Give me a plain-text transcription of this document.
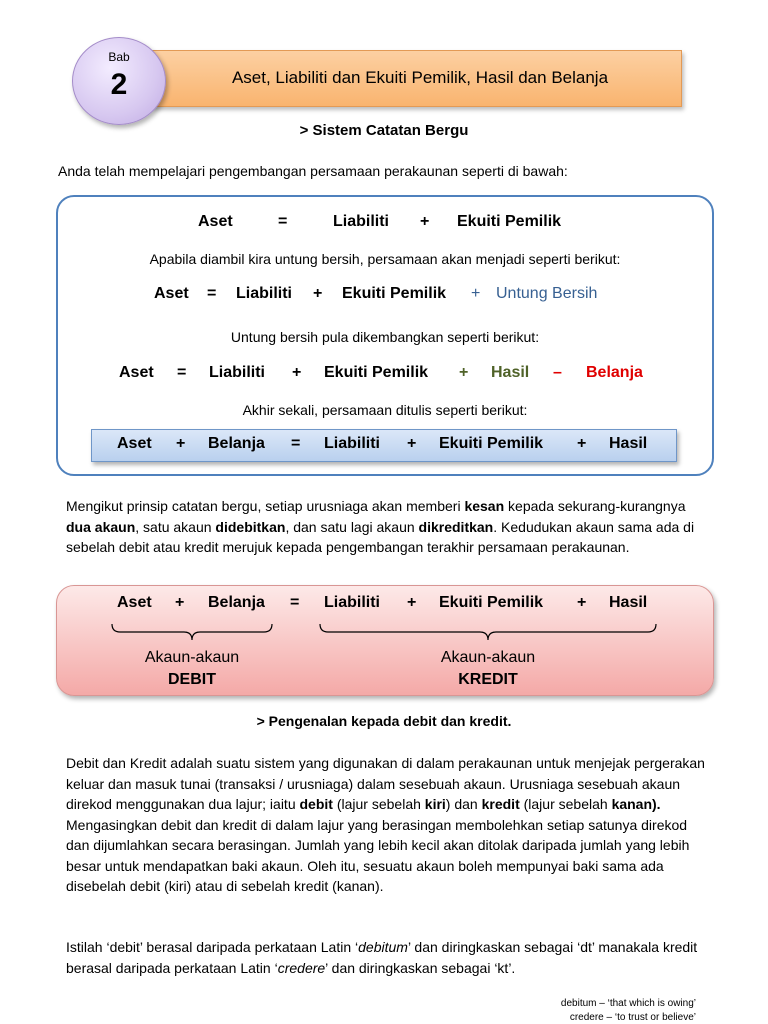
Aset, Liabiliti dan Ekuiti Pemilik, Hasil dan Belanja
Bab
2
> Sistem Catatan Bergu
Anda telah mempelajari pengembangan persamaan perakaunan seperti di bawah:
Aset	=	Liabiliti + Ekuiti Pemilik
Apabila diambil kira untung bersih, persamaan akan menjadi seperti berikut:
Aset = Liabiliti + Ekuiti Pemilik + Untung Bersih
Untung bersih pula dikembangkan seperti berikut:
Aset = Liabiliti + Ekuiti Pemilik + Hasil – Belanja
Akhir sekali, persamaan ditulis seperti berikut:
Aset + Belanja = Liabiliti + Ekuiti Pemilik + Hasil
Mengikut prinsip catatan bergu, setiap urusniaga akan memberi kesan kepada sekurang-kurangnya dua akaun, satu akaun didebitkan, dan satu lagi akaun dikreditkan. Kedudukan akaun sama ada di sebelah debit atau kredit merujuk kepada pengembangan terakhir persamaan perakaunan.
Aset + Belanja = Liabiliti + Ekuiti Pemilik + Hasil
Akaun-akaun
DEBIT
Akaun-akaun
KREDIT
> Pengenalan kepada debit dan kredit.
Debit dan Kredit adalah suatu sistem yang digunakan di dalam perakaunan untuk menjejak pergerakan keluar dan masuk tunai (transaksi / urusniaga) dalam sesebuah akaun. Urusniaga sesebuah akaun direkod menggunakan dua lajur; iaitu debit (lajur sebelah kiri) dan kredit (lajur sebelah kanan). Mengasingkan debit dan kredit di dalam lajur yang berasingan membolehkan setiap satunya direkod dan dijumlahkan secara berasingan. Jumlah yang lebih kecil akan ditolak daripada jumlah yang lebih besar untuk mendapatkan baki akaun. Oleh itu, sesuatu akaun boleh mempunyai baki sama ada disebelah debit (kiri) atau di sebelah kredit (kanan).
Istilah ‘debit’ berasal daripada perkataan Latin ‘debitum’ dan diringkaskan sebagai ‘dt’ manakala kredit berasal daripada perkataan Latin ‘credere’ dan diringkaskan sebagai ‘kt’.
debitum – ‘that which is owing’
credere – ‘to trust or believe’
